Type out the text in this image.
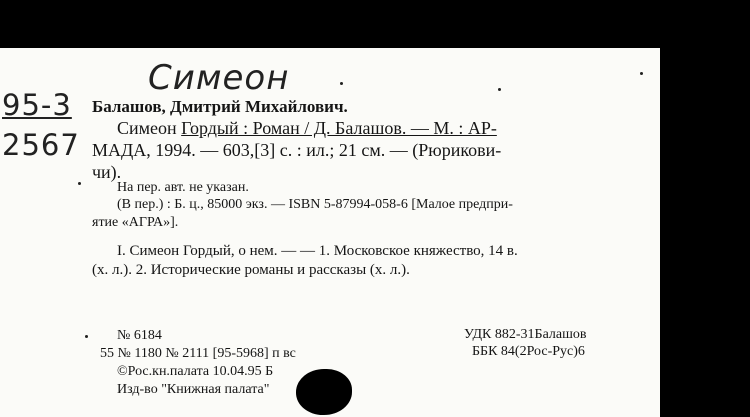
Симеон
95-3
2567
Балашов, Дмитрий Михайлович.
Симеон Гордый : Роман / Д. Балашов. — М. : АР-
МАДА, 1994. — 603,[3] с. : ил.; 21 см. — (Рюрикови-
чи).
На пер. авт. не указан.
(В пер.) : Б. ц., 85000 экз. — ISBN 5-87994-058-6 [Малое предпри-
ятие «АГРА»].
I. Симеон Гордый, о нем. — — 1. Московское княжество, 14 в.
(х. л.). 2. Исторические романы и рассказы (х. л.).
№ 6184
55 № 1180 № 2111 [95-5968] п вс
©Рос.кн.палата 10.04.95 Б
Изд-во "Книжная палата"
УДК 882-31Балашов
ББК 84(2Рос-Рус)6
